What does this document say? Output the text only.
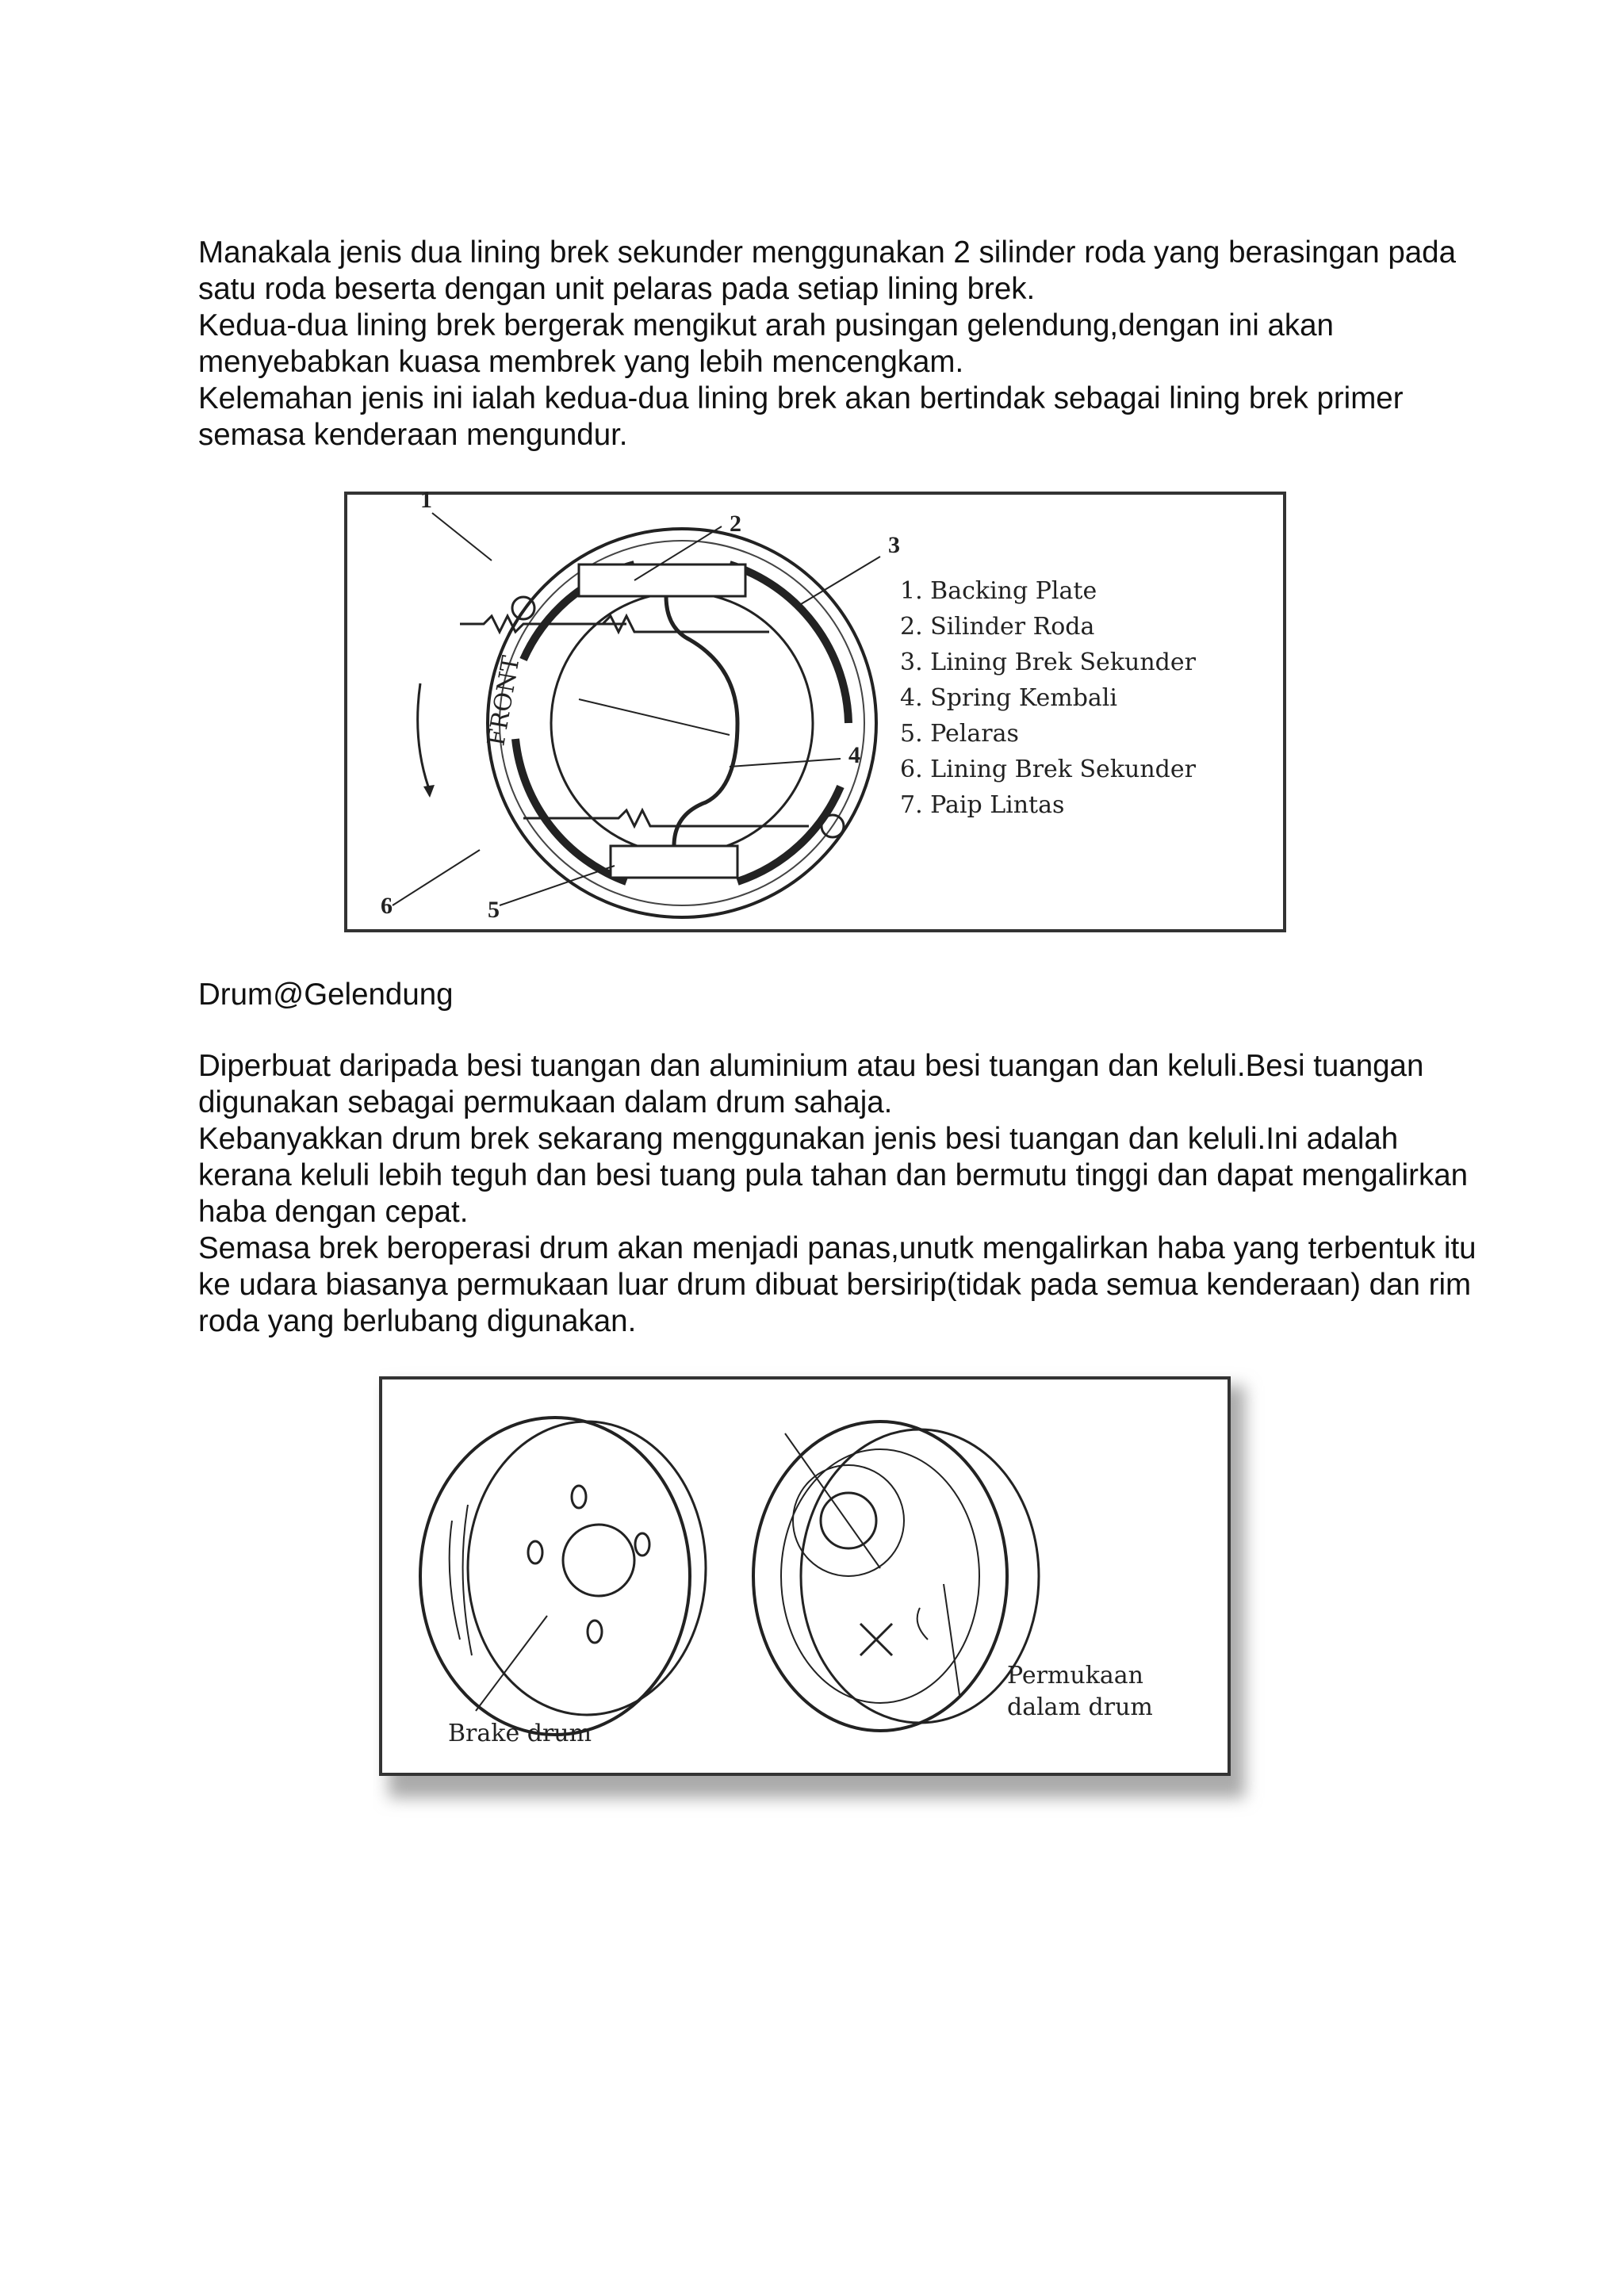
Manakala jenis dua lining brek sekunder menggunakan 2 silinder roda yang berasingan pada satu roda beserta dengan unit pelaras pada setiap lining brek.

Kedua-dua lining brek bergerak mengikut arah pusingan gelendung,dengan ini akan menyebabkan kuasa membrek yang lebih mencengkam.

Kelemahan jenis ini ialah kedua-dua lining brek akan bertindak sebagai lining brek primer semasa kenderaan mengundur.

FRONT
1
2
3
4
5
6
1. Backing Plate
2. Silinder Roda
3. Lining Brek Sekunder
4. Spring Kembali
5. Pelaras
6. Lining Brek Sekunder
7. Paip Lintas
Drum@Gelendung

Diperbuat daripada besi tuangan dan aluminium atau besi tuangan dan keluli.Besi tuangan digunakan sebagai permukaan dalam drum sahaja.

Kebanyakkan drum brek sekarang menggunakan jenis besi tuangan dan keluli.Ini adalah kerana keluli lebih teguh dan besi tuang pula tahan dan bermutu tinggi dan dapat mengalirkan haba dengan cepat.

Semasa brek beroperasi drum akan menjadi panas,unutk mengalirkan haba yang terbentuk itu ke udara biasanya permukaan luar drum dibuat bersirip(tidak pada semua kenderaan) dan rim roda yang berlubang digunakan.

Brake drum
Permukaan
dalam drum
